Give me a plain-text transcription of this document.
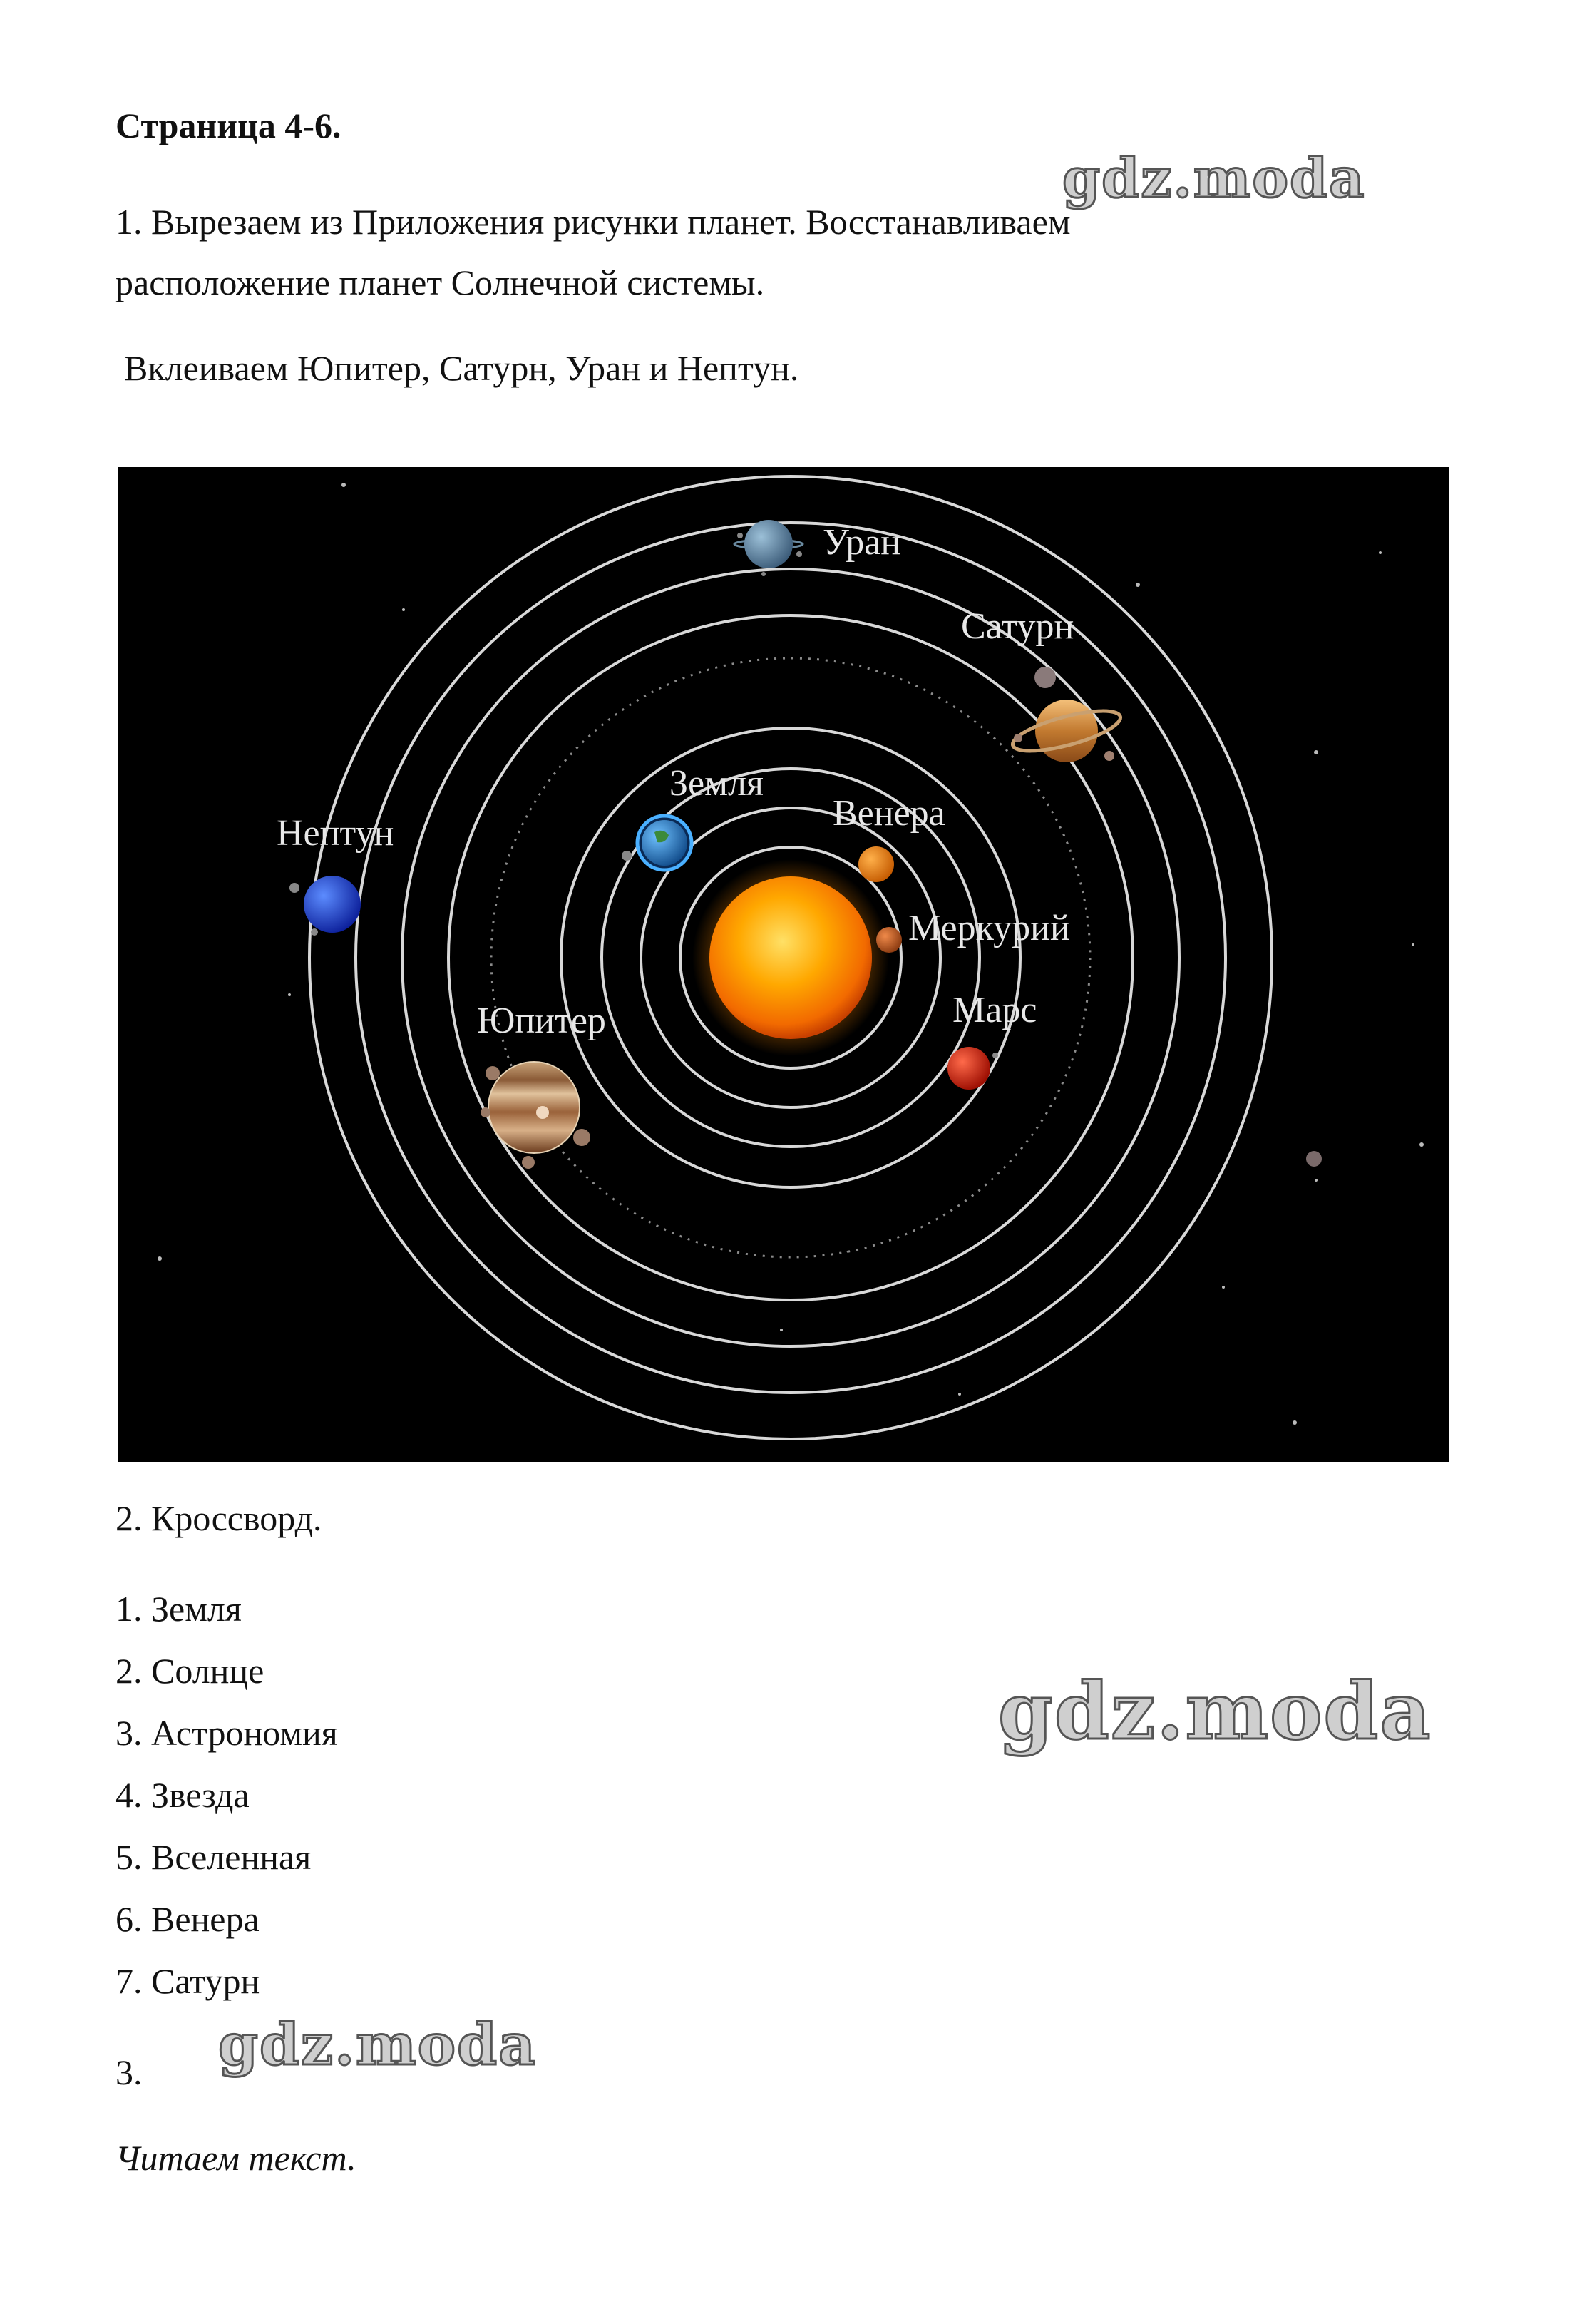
Страница 4-6.
gdz.moda
1. Вырезаем из Приложения рисунки планет. Восстанавливаем
расположение планет Солнечной системы.
Вклеиваем Юпитер, Сатурн, Уран и Нептун.
Уран
Сатурн
Земля
Венера
Нептун
Меркурий
Марс
Юпитер
2. Кроссворд.
1. Земля
2. Солнце
3. Астрономия
4. Звезда
5. Вселенная
6. Венера
7. Сатурн
gdz.moda
gdz.moda
3.
Читаем текст.
